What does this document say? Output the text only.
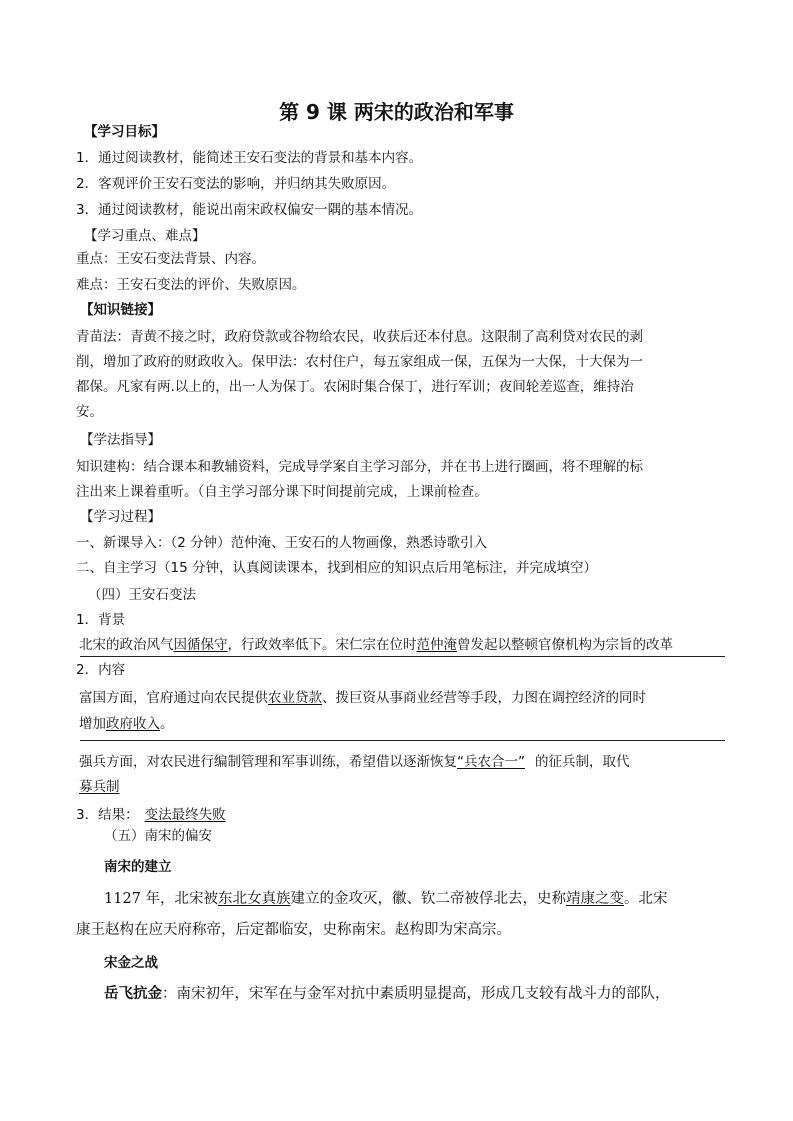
第 9 课 两宋的政治和军事
【学习目标】
1．通过阅读教材，能简述王安石变法的背景和基本内容。
2．客观评价王安石变法的影响，并归纳其失败原因。
3．通过阅读教材，能说出南宋政权偏安一隅的基本情况。
【学习重点、难点】
重点：王安石变法背景、内容。
难点：王安石变法的评价、失败原因。
【知识链接】
青苗法：青黄不接之时，政府贷款或谷物给农民，收获后还本付息。这限制了高利贷对农民的剥
削，增加了政府的财政收入。保甲法：农村住户，每五家组成一保，五保为一大保，十大保为一
都保。凡家有两.以上的，出一人为保丁。农闲时集合保丁，进行军训；夜间轮差巡查，维持治
安。
【学法指导】
知识建构：结合课本和教辅资料，完成导学案自主学习部分，并在书上进行圈画，将不理解的标
注出来上课着重听。（自主学习部分课下时间提前完成，上课前检查。
【学习过程】
一、新课导入：（2 分钟）范仲淹、王安石的人物画像，熟悉诗歌引入
二、自主学习（15 分钟，认真阅读课本，找到相应的知识点后用笔标注，并完成填空）
（四）王安石变法
1．背景
北宋的政治风气因循保守，行政效率低下。宋仁宗在位时范仲淹曾发起以整顿官僚机构为宗旨的改革
2．内容
富国方面，官府通过向农民提供农业贷款、拨巨资从事商业经营等手段，力图在调控经济的同时
增加政府收入。
强兵方面，对农民进行编制管理和军事训练，希望借以逐渐恢复“兵农合一” 的征兵制，取代
募兵制
3．结果： 变法最终失败
（五）南宋的偏安
南宋的建立
1127 年，北宋被东北女真族建立的金攻灭，徽、钦二帝被俘北去，史称靖康之变。北宋
康王赵构在应天府称帝，后定都临安，史称南宋。赵构即为宋高宗。
宋金之战
岳飞抗金：南宋初年，宋军在与金军对抗中素质明显提高，形成几支较有战斗力的部队，
